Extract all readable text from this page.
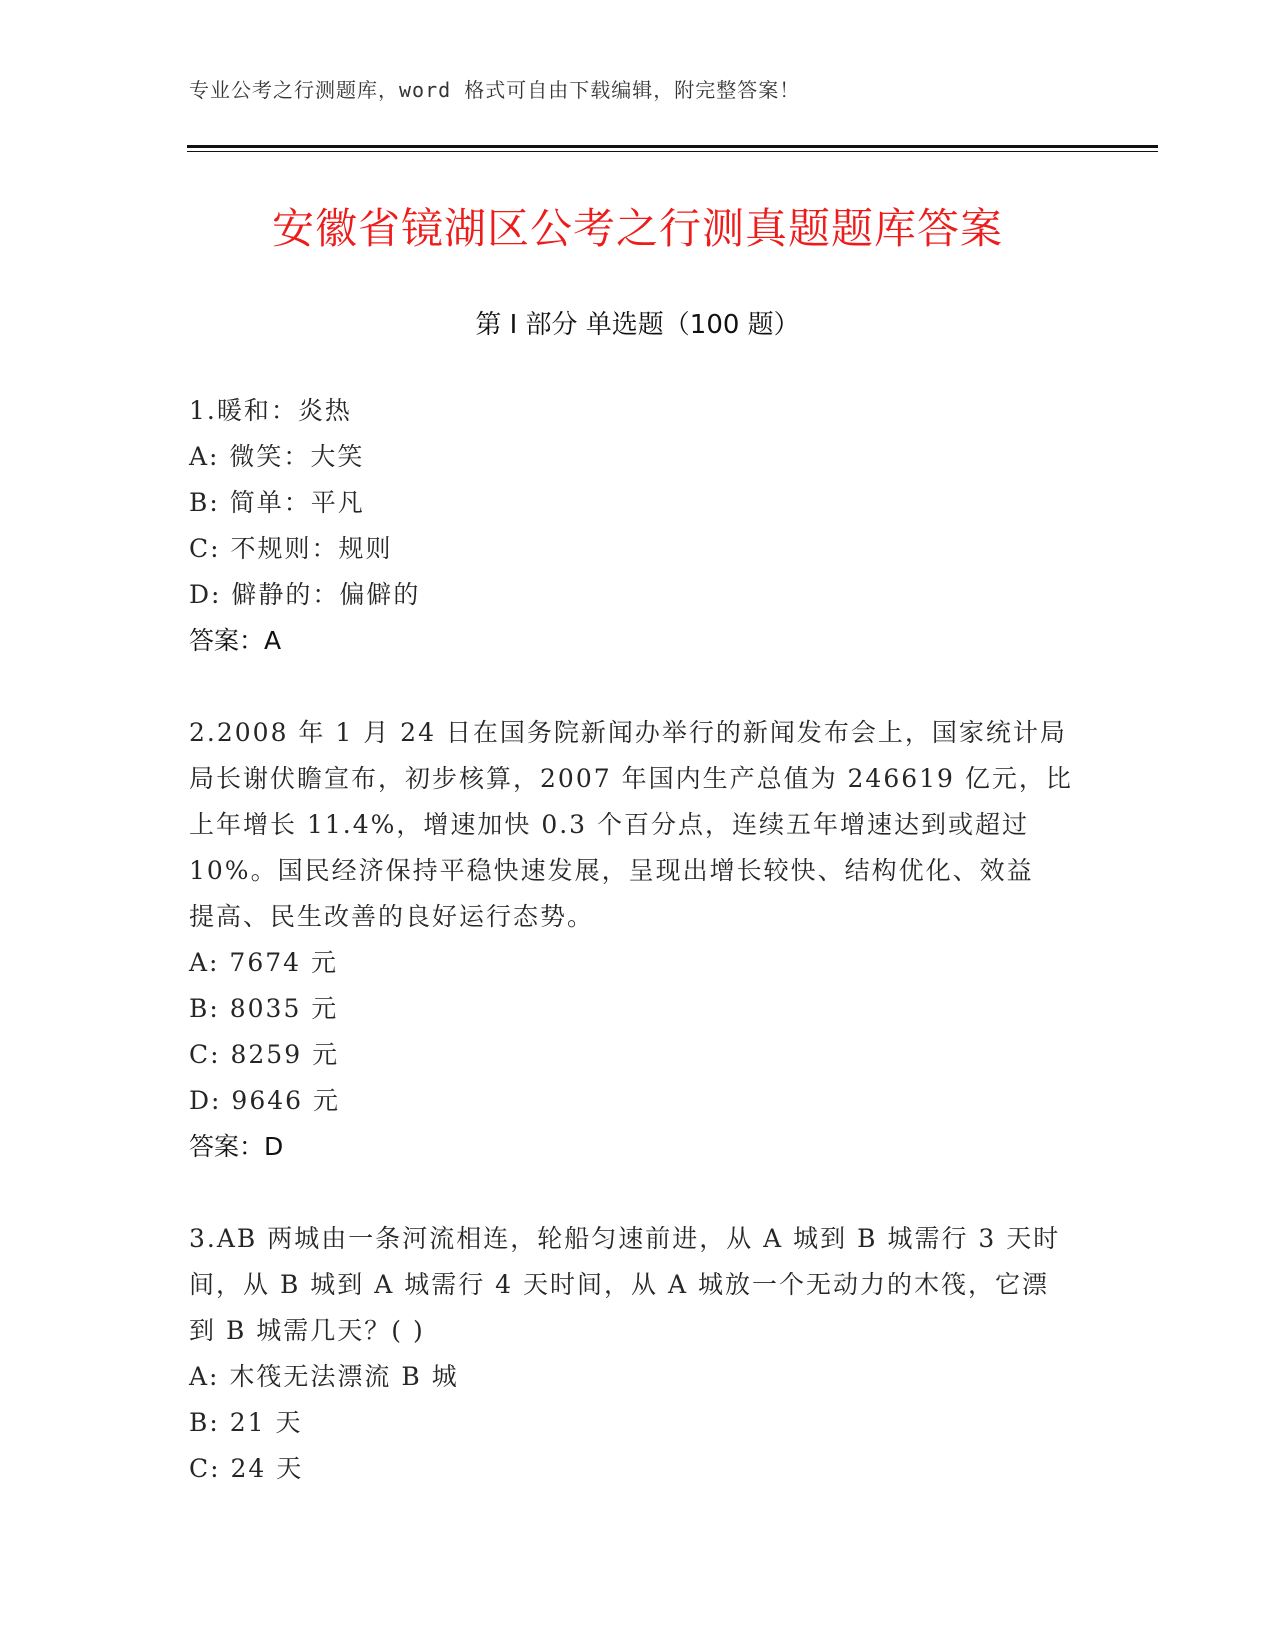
专业公考之行测题库，word 格式可自由下载编辑，附完整答案！
安徽省镜湖区公考之行测真题题库答案
第 I 部分 单选题（100 题）
1.暖和：炎热
A: 微笑：大笑
B: 简单：平凡
C: 不规则：规则
D: 僻静的：偏僻的
答案：A
2.2008 年 1 月 24 日在国务院新闻办举行的新闻发布会上，国家统计局
局长谢伏瞻宣布，初步核算，2007 年国内生产总值为 246619 亿元，比
上年增长 11.4%，增速加快 0.3 个百分点，连续五年增速达到或超过
10%。国民经济保持平稳快速发展，呈现出增长较快、结构优化、效益
提高、民生改善的良好运行态势。
A: 7674 元
B: 8035 元
C: 8259 元
D: 9646 元
答案：D
3.AB 两城由一条河流相连，轮船匀速前进，从 A 城到 B 城需行 3 天时
间，从 B 城到 A 城需行 4 天时间，从 A 城放一个无动力的木筏，它漂
到 B 城需几天？( )
A: 木筏无法漂流 B 城
B: 21 天
C: 24 天
